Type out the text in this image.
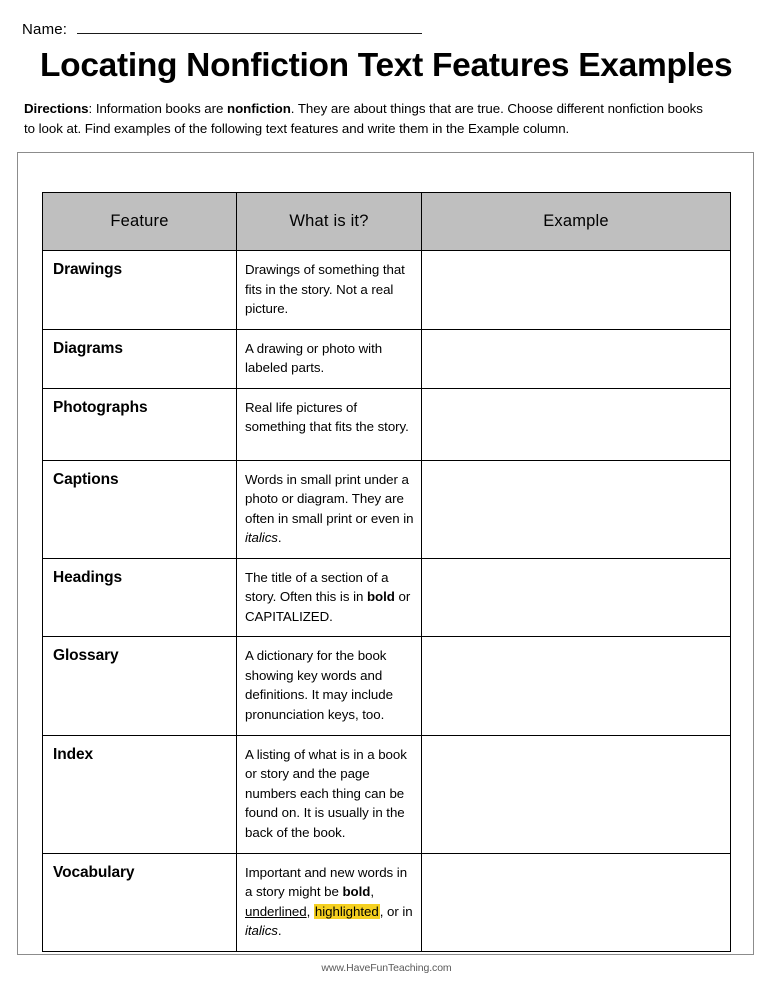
Name:
Locating Nonfiction Text Features Examples
Directions: Information books are nonfiction. They are about things that are true. Choose different nonfiction books to look at. Find examples of the following text features and write them in the Example column.
Feature	What is it?	Example
Drawings	Drawings of something that fits in the story. Not a real picture.	
Diagrams	A drawing or photo with labeled parts.	
Photographs	Real life pictures of something that fits the story.	
Captions	Words in small print under a photo or diagram. They are often in small print or even in italics.	
Headings	The title of a section of a story. Often this is in bold or CAPITALIZED.	
Glossary	A dictionary for the book showing key words and definitions. It may include pronunciation keys, too.	
Index	A listing of what is in a book or story and the page numbers each thing can be found on. It is usually in the back of the book.	
Vocabulary	Important and new words in a story might be bold, underlined, highlighted, or in italics.	
www.HaveFunTeaching.com
